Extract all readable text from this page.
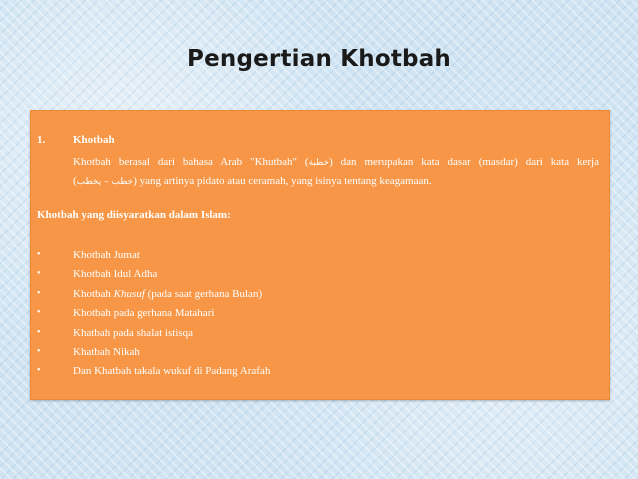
Pengertian Khotbah
1.	Khotbah
Khotbah berasal dari bahasa Arab "Khutbah" (خطبة) dan merupakan kata dasar (masdar) dari kata kerja
(خطب – يخطب) yang artinya pidato atau ceramah, yang isinya tentang keagamaan.
Khotbah yang diisyaratkan dalam Islam:
•	Khotbah Jumat
•	Khotbah Idul Adha
•	Khotbah Khusuf (pada saat gerhana Bulan)
•	Khotbah pada gerhana Matahari
•	Khatbah pada shalat istisqa
•	Khatbah Nikah
•	Dan Khatbah takala wukuf di Padang Arafah
